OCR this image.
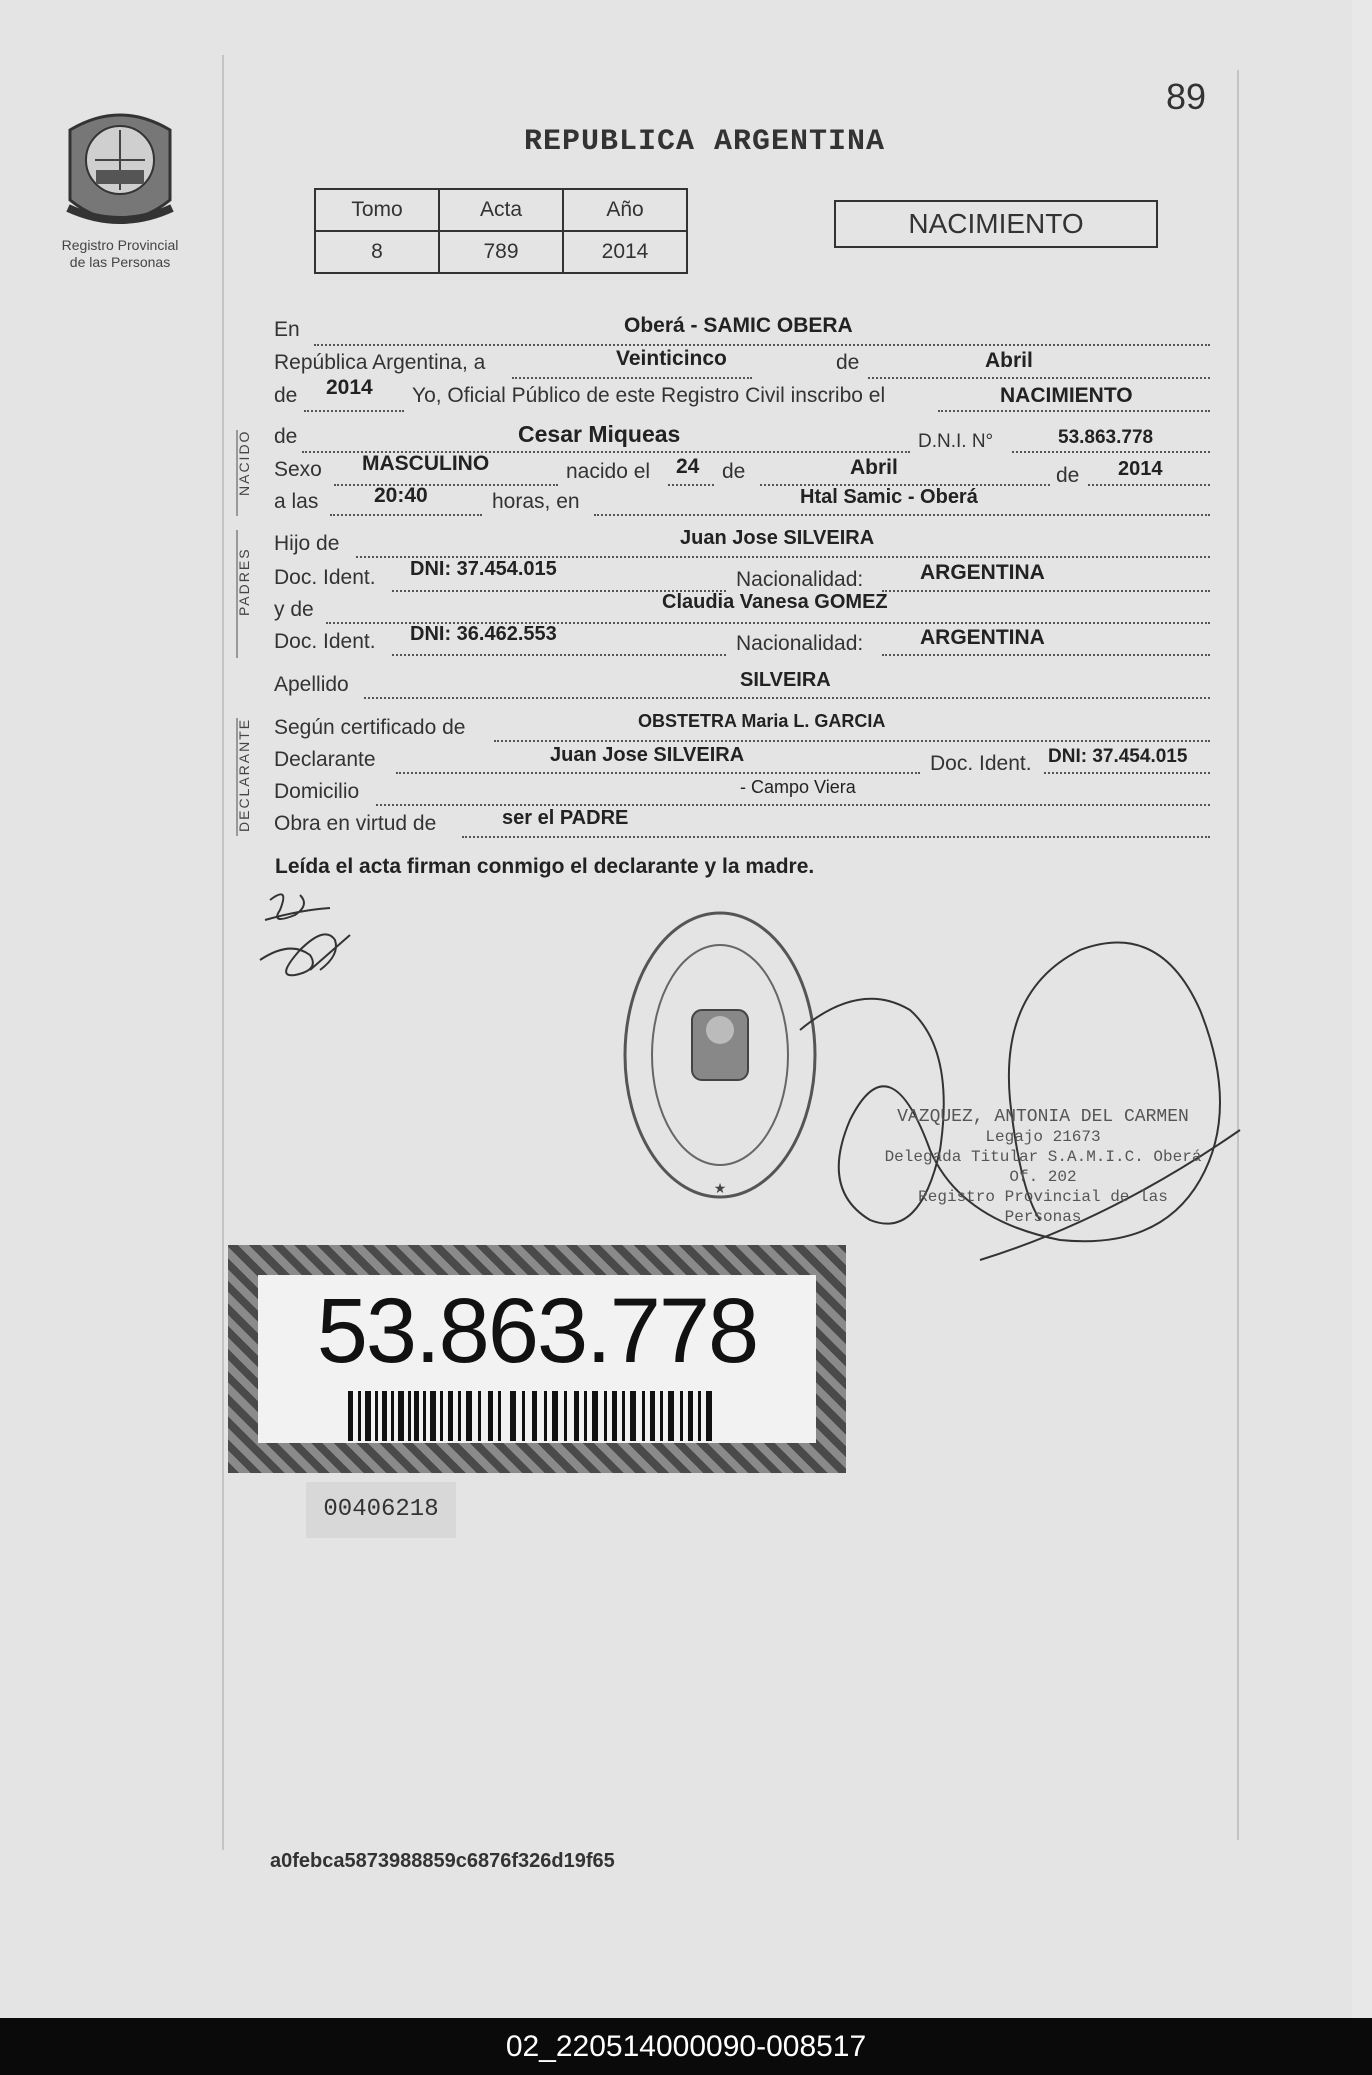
Registro Provincial
de las Personas
89
REPUBLICA ARGENTINA
Tomo	Acta	Año
8	789	2014
NACIMIENTO
En	Oberá - SAMIC OBERA
República Argentina, a	Veinticinco	de	Abril
de 2014 Yo, Oficial Público de este Registro Civil inscribo el	NACIMIENTO
NACIDO de	Cesar Miqueas	D.N.I. N°	53.863.778
Sexo MASCULINO	nacido el 24 de	Abril	de 2014
a las	20:40	horas, en	Htal Samic - Oberá
PADRES
Hijo de	Juan Jose SILVEIRA
Doc. Ident. DNI: 37.454.015	Nacionalidad:	ARGENTINA
y de	Claudia Vanesa GOMEZ
Doc. Ident. DNI: 36.462.553	Nacionalidad:	ARGENTINA
Apellido	SILVEIRA
DECLARANTE Según certificado de	OBSTETRA Maria L. GARCIA
Declarante	Juan Jose SILVEIRA	Doc. Ident. DNI: 37.454.015
Domicilio	- Campo Viera
Obra en virtud de	ser el PADRE
Leída el acta firman conmigo el declarante y la madre.
★
VAZQUEZ, ANTONIA DEL CARMEN
Legajo 21673
Delegada Titular S.A.M.I.C. Oberá Of. 202
Registro Provincial de las Personas
53.863.778
00406218
a0febca5873988859c6876f326d19f65
02_220514000090-008517
